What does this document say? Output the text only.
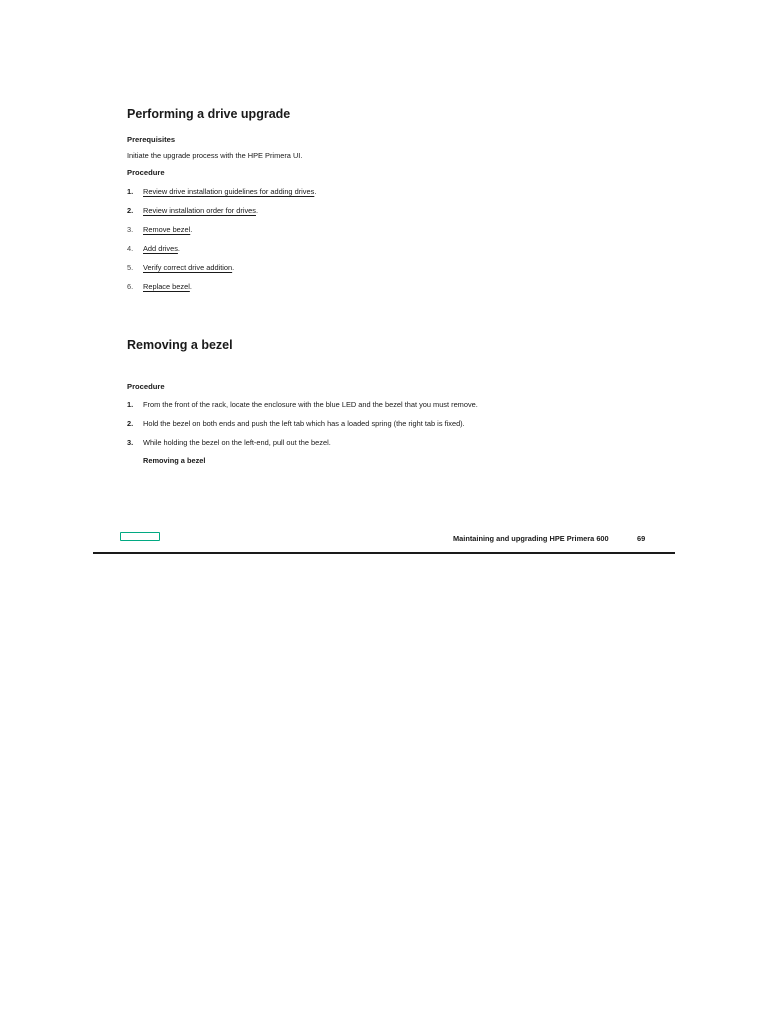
Performing a drive upgrade
Prerequisites

Initiate the upgrade process with the HPE Primera UI.

Procedure
1.	Review drive installation guidelines for adding drives .
2.	Review installation order for drives .
3.	Remove bezel .
4.	Add drives .
5.	Verify correct drive addition .
6.	Replace bezel .
Removing a bezel
Procedure
1.	From the front of the rack, locate the enclosure with the blue LED and the bezel that you must remove.
2.	Hold the bezel on both ends and push the left tab which has a loaded spring (the right tab is fixed).
3.	While holding the bezel on the left-end, pull out the bezel.

Removing a bezel

Maintaining and upgrading HPE Primera 600	69
